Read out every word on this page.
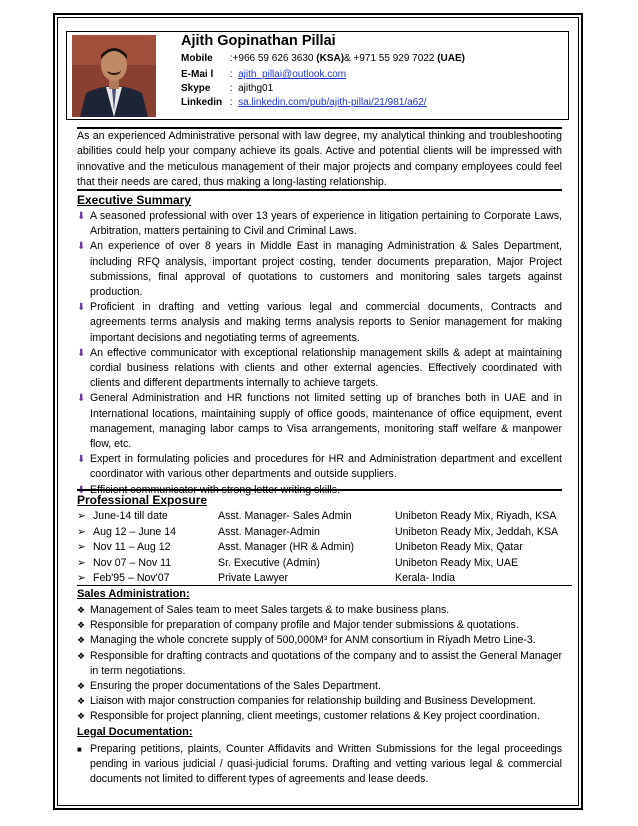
Ajith Gopinathan Pillai
Mobile :+966 59 626 3630 (KSA)& +971 55 929 7022 (UAE)
E-Mai l : ajith_pillai@outlook.com
Skype : ajithg01
Linkedin : sa.linkedin.com/pub/ajith-pillai/21/981/a62/
As an experienced Administrative personal with law degree, my analytical thinking and troubleshooting abilities could help your company achieve its goals. Active and potential clients will be impressed with innovative and the meticulous management of their major projects and company employees could feel that their needs are cared, thus making a long-lasting relationship.
Executive Summary
⬇ A seasoned professional with over 13 years of experience in litigation pertaining to Corporate Laws, Arbitration, matters pertaining to Civil and Criminal Laws.
⬇ An experience of over 8 years in Middle East in managing Administration & Sales Department, including RFQ analysis, important project costing, tender documents preparation, Major Project submissions, final approval of quotations to customers and monitoring sales targets against production.
⬇ Proficient in drafting and vetting various legal and commercial documents, Contracts and agreements terms analysis and making terms analysis reports to Senior management for making important decisions and negotiating terms of agreements.
⬇ An effective communicator with exceptional relationship management skills & adept at maintaining cordial business relations with clients and other external agencies. Effectively coordinated with clients and different departments internally to achieve targets.
⬇ General Administration and HR functions not limited setting up of branches both in UAE and in International locations, maintaining supply of office goods, maintenance of office equipment, event management, managing labor camps to Visa arrangements, monitoring staff welfare & manpower flow, etc.
⬇ Expert in formulating policies and procedures for HR and Administration department and excellent coordinator with various other departments and outside suppliers.
⬇ Efficient communicator with strong letter writing skills.
Professional Exposure
➢ June-14 till date	Asst. Manager- Sales Admin	Unibeton Ready Mix, Riyadh, KSA
➢ Aug 12 – June 14	Asst. Manager-Admin	Unibeton Ready Mix, Jeddah, KSA
➢ Nov 11 – Aug 12	Asst. Manager (HR & Admin)	Unibeton Ready Mix, Qatar
➢ Nov 07 – Nov 11	Sr. Executive (Admin)	Unibeton Ready Mix, UAE
➢ Feb'95 – Nov'07	Private Lawyer	Kerala- India
Sales Administration:
❖ Management of Sales team to meet Sales targets & to make business plans.
❖ Responsible for preparation of company profile and Major tender submissions & quotations.
❖ Managing the whole concrete supply of 500,000M³ for ANM consortium in Riyadh Metro Line-3.
❖ Responsible for drafting contracts and quotations of the company and to assist the General Manager in term negotiations.
❖ Ensuring the proper documentations of the Sales Department.
❖ Liaison with major construction companies for relationship building and Business Development.
❖ Responsible for project planning, client meetings, customer relations & Key project coordination.
Legal Documentation:
■ Preparing petitions, plaints, Counter Affidavits and Written Submissions for the legal proceedings pending in various judicial / quasi-judicial forums. Drafting and vetting various legal & commercial documents not limited to different types of agreements and lease deeds.
